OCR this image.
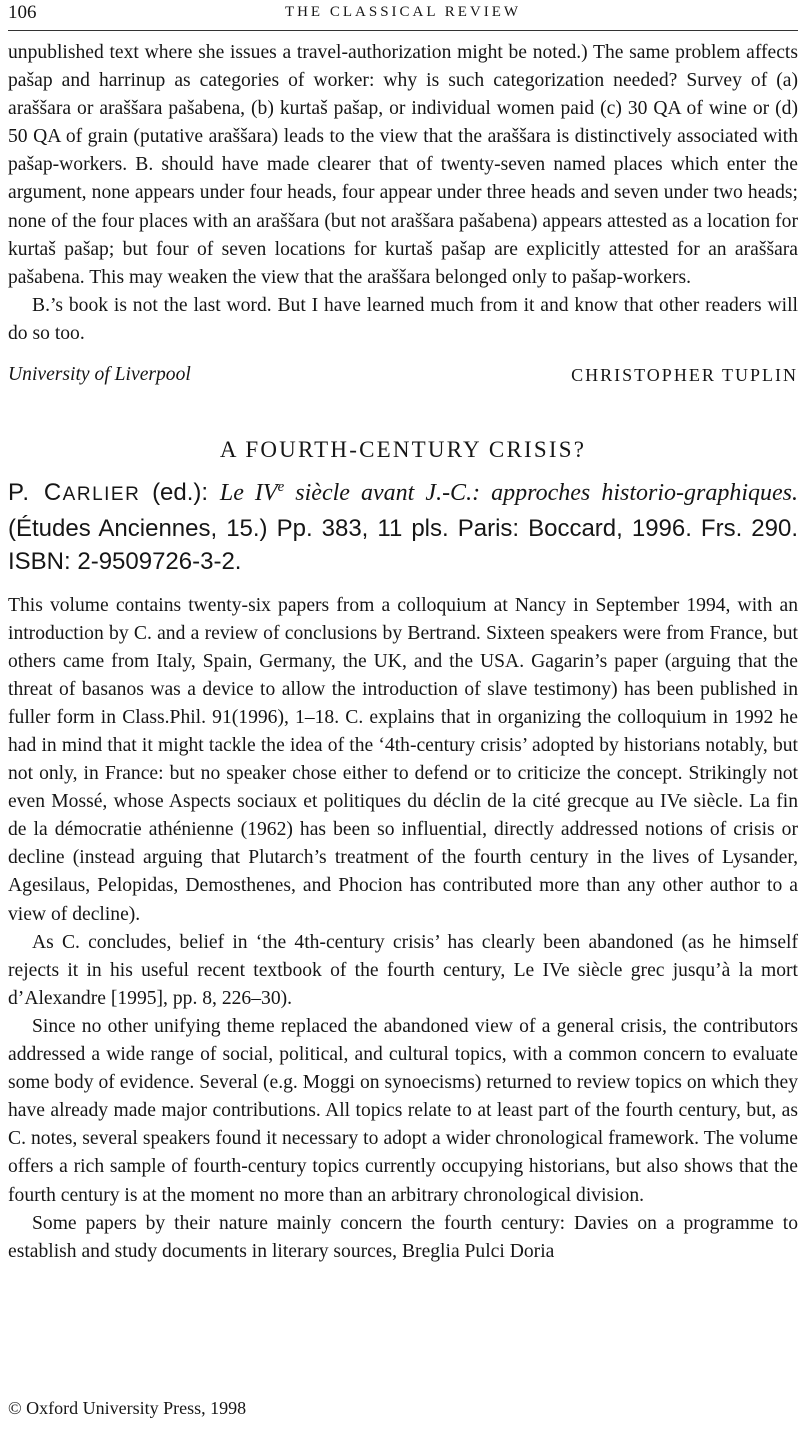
106	THE CLASSICAL REVIEW

unpublished text where she issues a travel-authorization might be noted.) The same problem affects pašap and harrinup as categories of worker: why is such categorization needed? Survey of (a) araššara or araššara pašabena, (b) kurtaš pašap, or individual women paid (c) 30 QA of wine or (d) 50 QA of grain (putative araššara) leads to the view that the araššara is distinctively associated with pašap-workers. B. should have made clearer that of twenty-seven named places which enter the argument, none appears under four heads, four appear under three heads and seven under two heads; none of the four places with an araššara (but not araššara pašabena) appears attested as a location for kurtaš pašap; but four of seven locations for kurtaš pašap are explicitly attested for an araššara pašabena. This may weaken the view that the araššara belonged only to pašap-workers.

B.’s book is not the last word. But I have learned much from it and know that other readers will do so too.

University of Liverpool	CHRISTOPHER TUPLIN
A FOURTH-CENTURY CRISIS?
P. CARLIER (ed.): Le IVe siècle avant J.-C.: approches historio-graphiques. (Études Anciennes, 15.) Pp. 383, 11 pls. Paris: Boccard, 1996. Frs. 290. ISBN: 2-9509726-3-2.

This volume contains twenty-six papers from a colloquium at Nancy in September 1994, with an introduction by C. and a review of conclusions by Bertrand. Sixteen speakers were from France, but others came from Italy, Spain, Germany, the UK, and the USA. Gagarin’s paper (arguing that the threat of basanos was a device to allow the introduction of slave testimony) has been published in fuller form in Class.Phil. 91(1996), 1–18. C. explains that in organizing the colloquium in 1992 he had in mind that it might tackle the idea of the ‘4th-century crisis’ adopted by historians notably, but not only, in France: but no speaker chose either to defend or to criticize the concept. Strikingly not even Mossé, whose Aspects sociaux et politiques du déclin de la cité grecque au IVe siècle. La fin de la démocratie athénienne (1962) has been so influential, directly addressed notions of crisis or decline (instead arguing that Plutarch’s treatment of the fourth century in the lives of Lysander, Agesilaus, Pelopidas, Demosthenes, and Phocion has contributed more than any other author to a view of decline).

As C. concludes, belief in ‘the 4th-century crisis’ has clearly been abandoned (as he himself rejects it in his useful recent textbook of the fourth century, Le IVe siècle grec jusqu’à la mort d’Alexandre [1995], pp. 8, 226–30).

Since no other unifying theme replaced the abandoned view of a general crisis, the contributors addressed a wide range of social, political, and cultural topics, with a common concern to evaluate some body of evidence. Several (e.g. Moggi on synoecisms) returned to review topics on which they have already made major contributions. All topics relate to at least part of the fourth century, but, as C. notes, several speakers found it necessary to adopt a wider chronological framework. The volume offers a rich sample of fourth-century topics currently occupying historians, but also shows that the fourth century is at the moment no more than an arbitrary chronological division.

Some papers by their nature mainly concern the fourth century: Davies on a programme to establish and study documents in literary sources, Breglia Pulci Doria

© Oxford University Press, 1998
